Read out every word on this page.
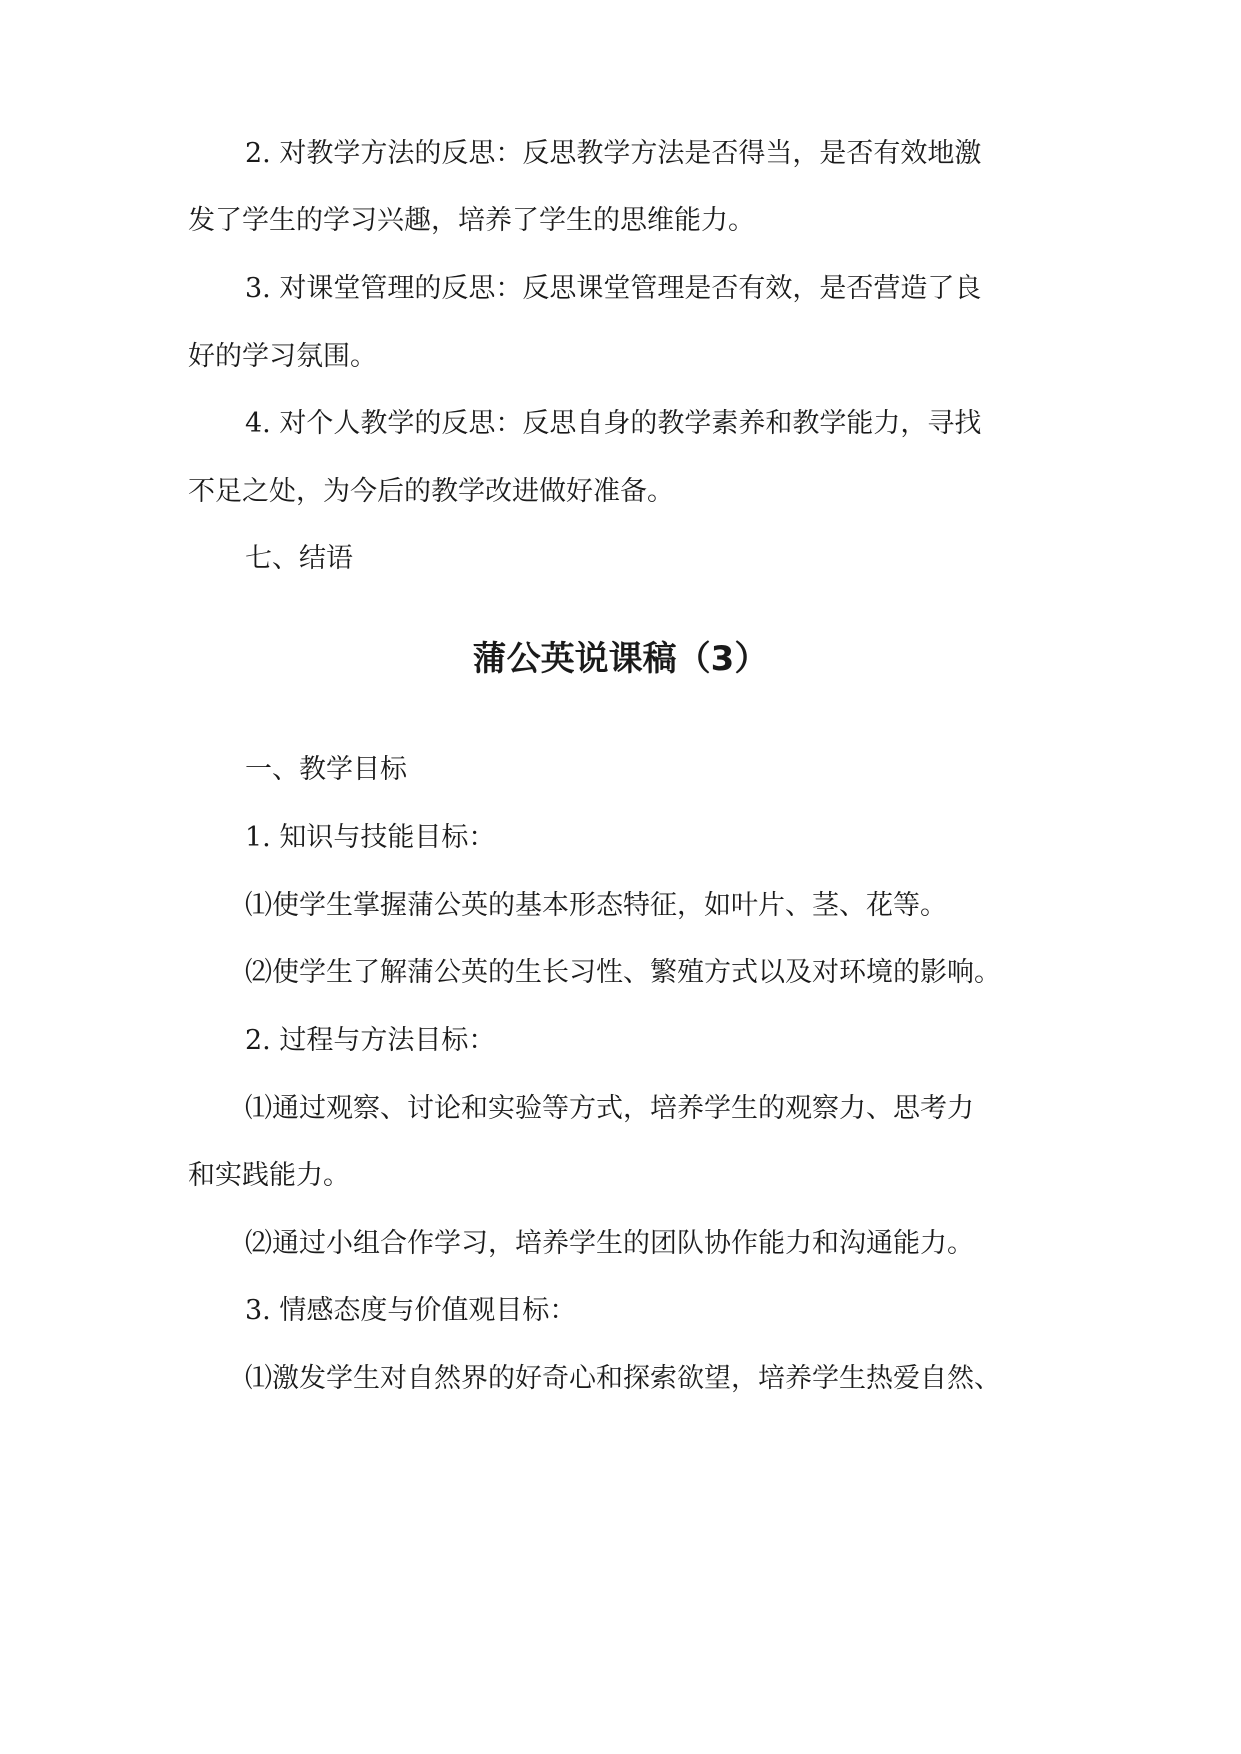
2. 对教学方法的反思：反思教学方法是否得当，是否有效地激
发了学生的学习兴趣，培养了学生的思维能力。
3. 对课堂管理的反思：反思课堂管理是否有效，是否营造了良
好的学习氛围。
4. 对个人教学的反思：反思自身的教学素养和教学能力，寻找
不足之处，为今后的教学改进做好准备。
七、结语
蒲公英说课稿（3）
一、教学目标
1. 知识与技能目标：
⑴使学生掌握蒲公英的基本形态特征，如叶片、茎、花等。
⑵使学生了解蒲公英的生长习性、繁殖方式以及对环境的影响。
2. 过程与方法目标：
⑴通过观察、讨论和实验等方式，培养学生的观察力、思考力
和实践能力。
⑵通过小组合作学习，培养学生的团队协作能力和沟通能力。
3. 情感态度与价值观目标：
⑴激发学生对自然界的好奇心和探索欲望，培养学生热爱自然、
